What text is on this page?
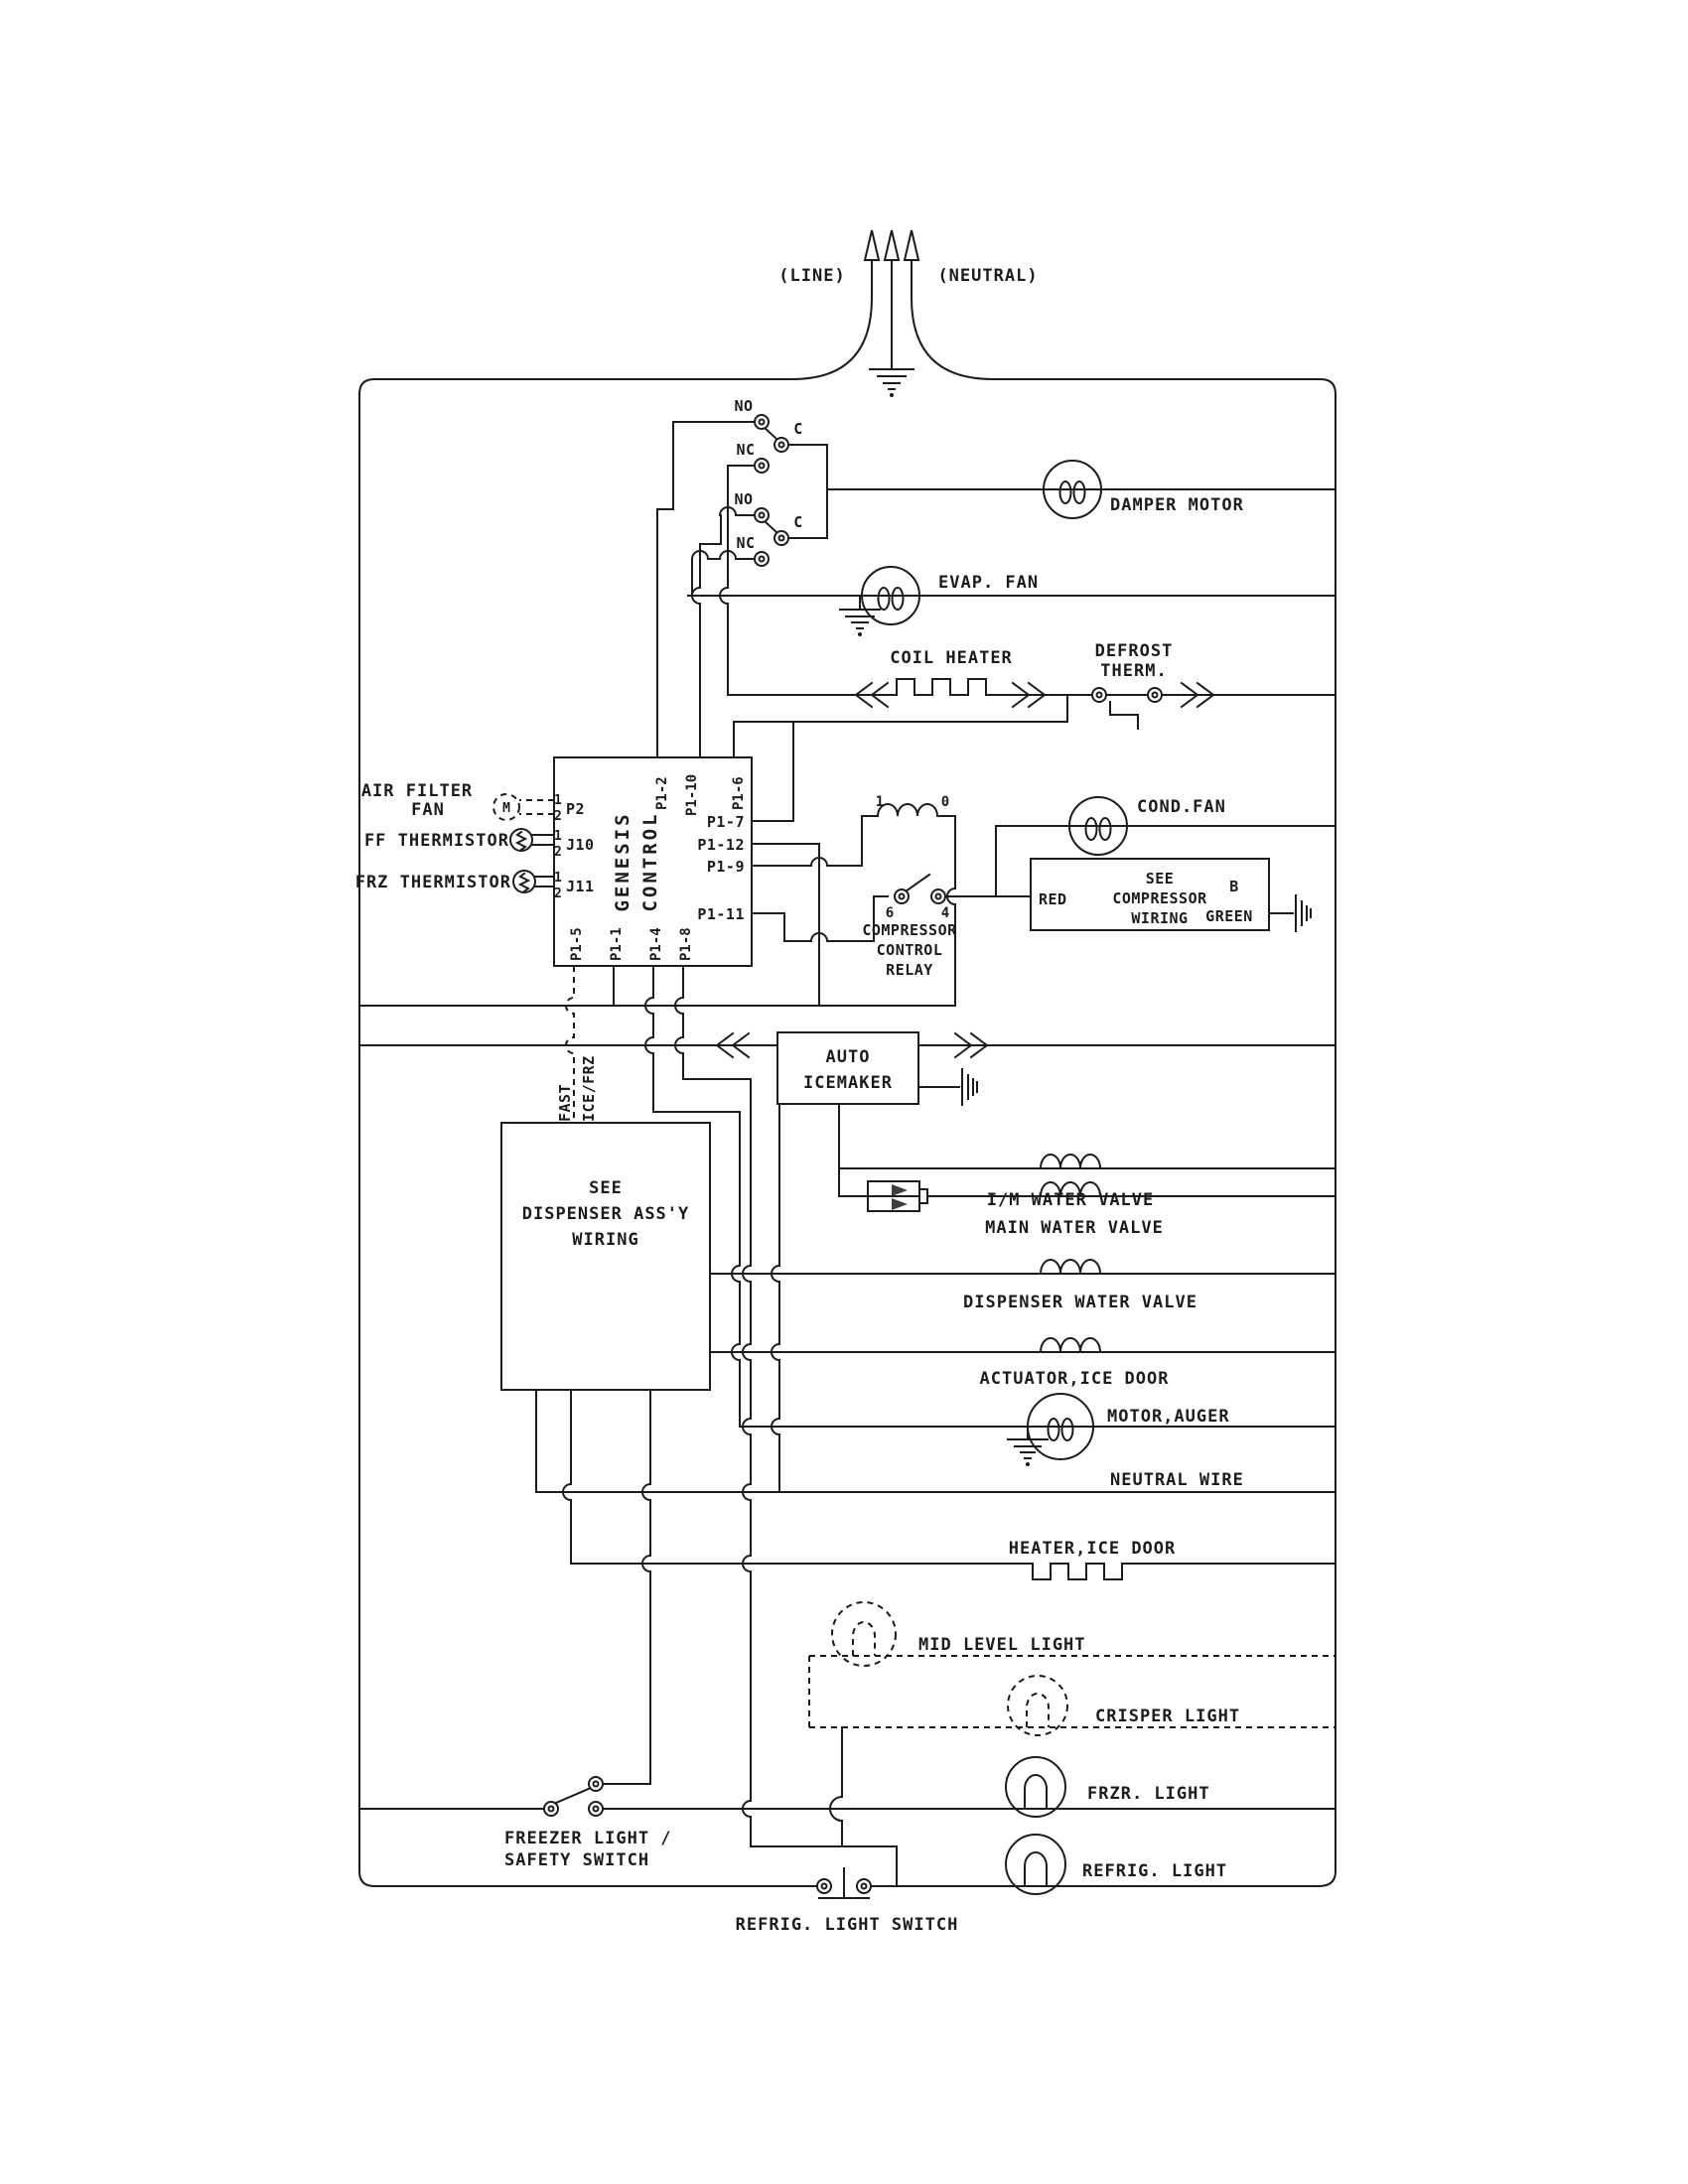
(LINE)	(NEUTRAL)
NO
C
NC
NO
C
NC
DAMPER MOTOR
EVAP. FAN
COIL HEATER	DEFROST
THERM.
GENESIS CONTROL
M
AIR FILTER
FAN
FF THERMISTOR
FRZ THERMISTOR
1
2 P2
1
2 J10
1
2 J11
P1-2 P1-10 P1-6
P1-7
P1-12
P1-9
P1-11
P1-5 P1-1 P1-4 P1-8
FAST ICE/FRZ
1	0
6	4
COMPRESSOR
CONTROL
RELAY
COND.FAN
SEE
COMPRESSOR
WIRING
RED
B
GREEN
AUTO
ICEMAKER
I/M WATER VALVE
MAIN WATER VALVE
DISPENSER WATER VALVE
SEE
DISPENSER ASS'Y
WIRING
ACTUATOR,ICE DOOR
MOTOR,AUGER
NEUTRAL WIRE
HEATER,ICE DOOR
MID LEVEL LIGHT
CRISPER LIGHT
FRZR. LIGHT
FREEZER LIGHT /
SAFETY SWITCH
REFRIG. LIGHT
REFRIG. LIGHT SWITCH
